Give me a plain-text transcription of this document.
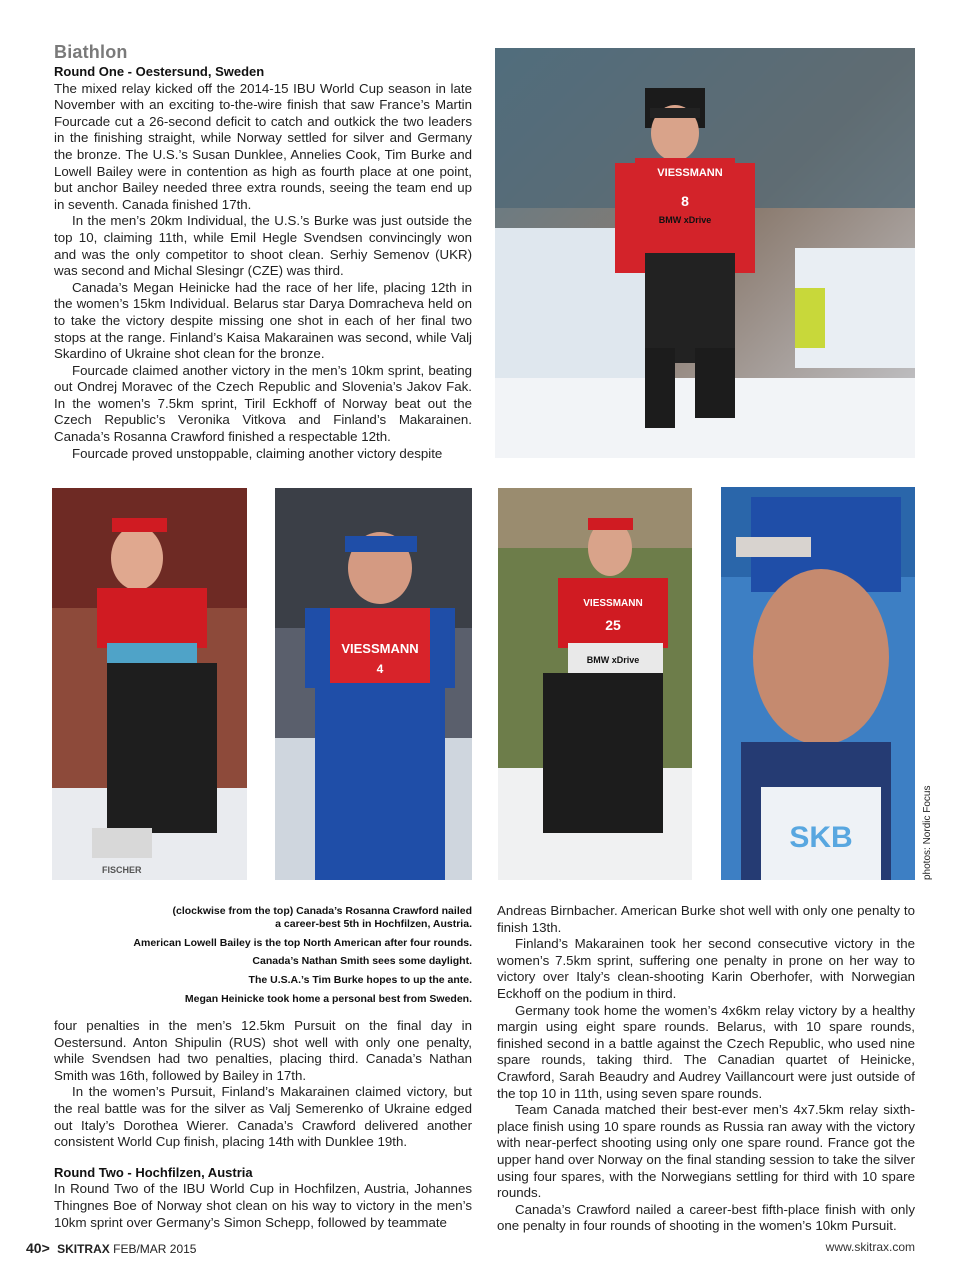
Biathlon
Round One - Oestersund, Sweden

The mixed relay kicked off the 2014-15 IBU World Cup season in late November with an exciting to-the-wire finish that saw France’s Martin Fourcade cut a 26-second deficit to catch and outkick the two leaders in the finishing straight, while Norway settled for silver and Germany the bronze. The U.S.’s Susan Dunklee, Annelies Cook, Tim Burke and Lowell Bailey were in contention as high as fourth place at one point, but anchor Bailey needed three extra rounds, seeing the team end up in seventh. Canada finished 17th.

In the men’s 20km Individual, the U.S.’s Burke was just outside the top 10, claiming 11th, while Emil Hegle Svendsen convincingly won and was the only competitor to shoot clean. Serhiy Semenov (UKR) was second and Michal Slesingr (CZE) was third.

Canada’s Megan Heinicke had the race of her life, placing 12th in the women’s 15km Individual. Belarus star Darya Domracheva held on to take the victory despite missing one shot in each of her final two stops at the range. Finland’s Kaisa Makarainen was second, while Valj Skardino of Ukraine shot clean for the bronze.

Fourcade claimed another victory in the men’s 10km sprint, beating out Ondrej Moravec of the Czech Republic and Slovenia’s Jakov Fak. In the women’s 7.5km sprint, Tiril Eckhoff of Norway beat out the Czech Republic’s Veronika Vitkova and Finland’s Makarainen. Canada’s Rosanna Crawford finished a respectable 12th.

Fourcade proved unstoppable, claiming another victory despite

VIESSMANN
8
BMW xDrive
FISCHER
VIESSMANN
4
VIESSMANN
25
BMW xDrive
SKB	photos: Nordic Focus
(clockwise from the top) Canada’s Rosanna Crawford nailed a career-best 5th in Hochfilzen, Austria.
American Lowell Bailey is the top North American after four rounds.
Canada’s Nathan Smith sees some daylight.
The U.S.A.’s Tim Burke hopes to up the ante.
Megan Heinicke took home a personal best from Sweden.

four penalties in the men’s 12.5km Pursuit on the final day in Oestersund. Anton Shipulin (RUS) shot well with only one penalty, while Svendsen had two penalties, placing third. Canada’s Nathan Smith was 16th, followed by Bailey in 17th.

In the women’s Pursuit, Finland’s Makarainen claimed victory, but the real battle was for the silver as Valj Semerenko of Ukraine edged out Italy’s Dorothea Wierer. Canada’s Crawford delivered another consistent World Cup finish, placing 14th with Dunklee 19th.

Round Two - Hochfilzen, Austria

In Round Two of the IBU World Cup in Hochfilzen, Austria, Johannes Thingnes Boe of Norway shot clean on his way to victory in the men’s 10km sprint over Germany’s Simon Schepp, followed by teammate

Andreas Birnbacher. American Burke shot well with only one penalty to finish 13th.

Finland’s Makarainen took her second consecutive victory in the women’s 7.5km sprint, suffering one penalty in prone on her way to victory over Italy’s clean-shooting Karin Oberhofer, with Norwegian Eckhoff on the podium in third.

Germany took home the women’s 4x6km relay victory by a healthy margin using eight spare rounds. Belarus, with 10 spare rounds, finished second in a battle against the Czech Republic, who used nine spare rounds, taking third. The Canadian quartet of Heinicke, Crawford, Sarah Beaudry and Audrey Vaillancourt were just outside of the top 10 in 11th, using seven spare rounds.

Team Canada matched their best-ever men’s 4x7.5km relay sixth-place finish using 10 spare rounds as Russia ran away with the victory with near-perfect shooting using only one spare round. France got the upper hand over Norway on the final standing session to take the silver using four spares, with the Norwegians settling for third with 10 spare rounds.

Canada’s Crawford nailed a career-best fifth-place finish with only one penalty in four rounds of shooting in the women’s 10km Pursuit.

40> SKITRAX FEB/MAR 2015	www.skitrax.com
